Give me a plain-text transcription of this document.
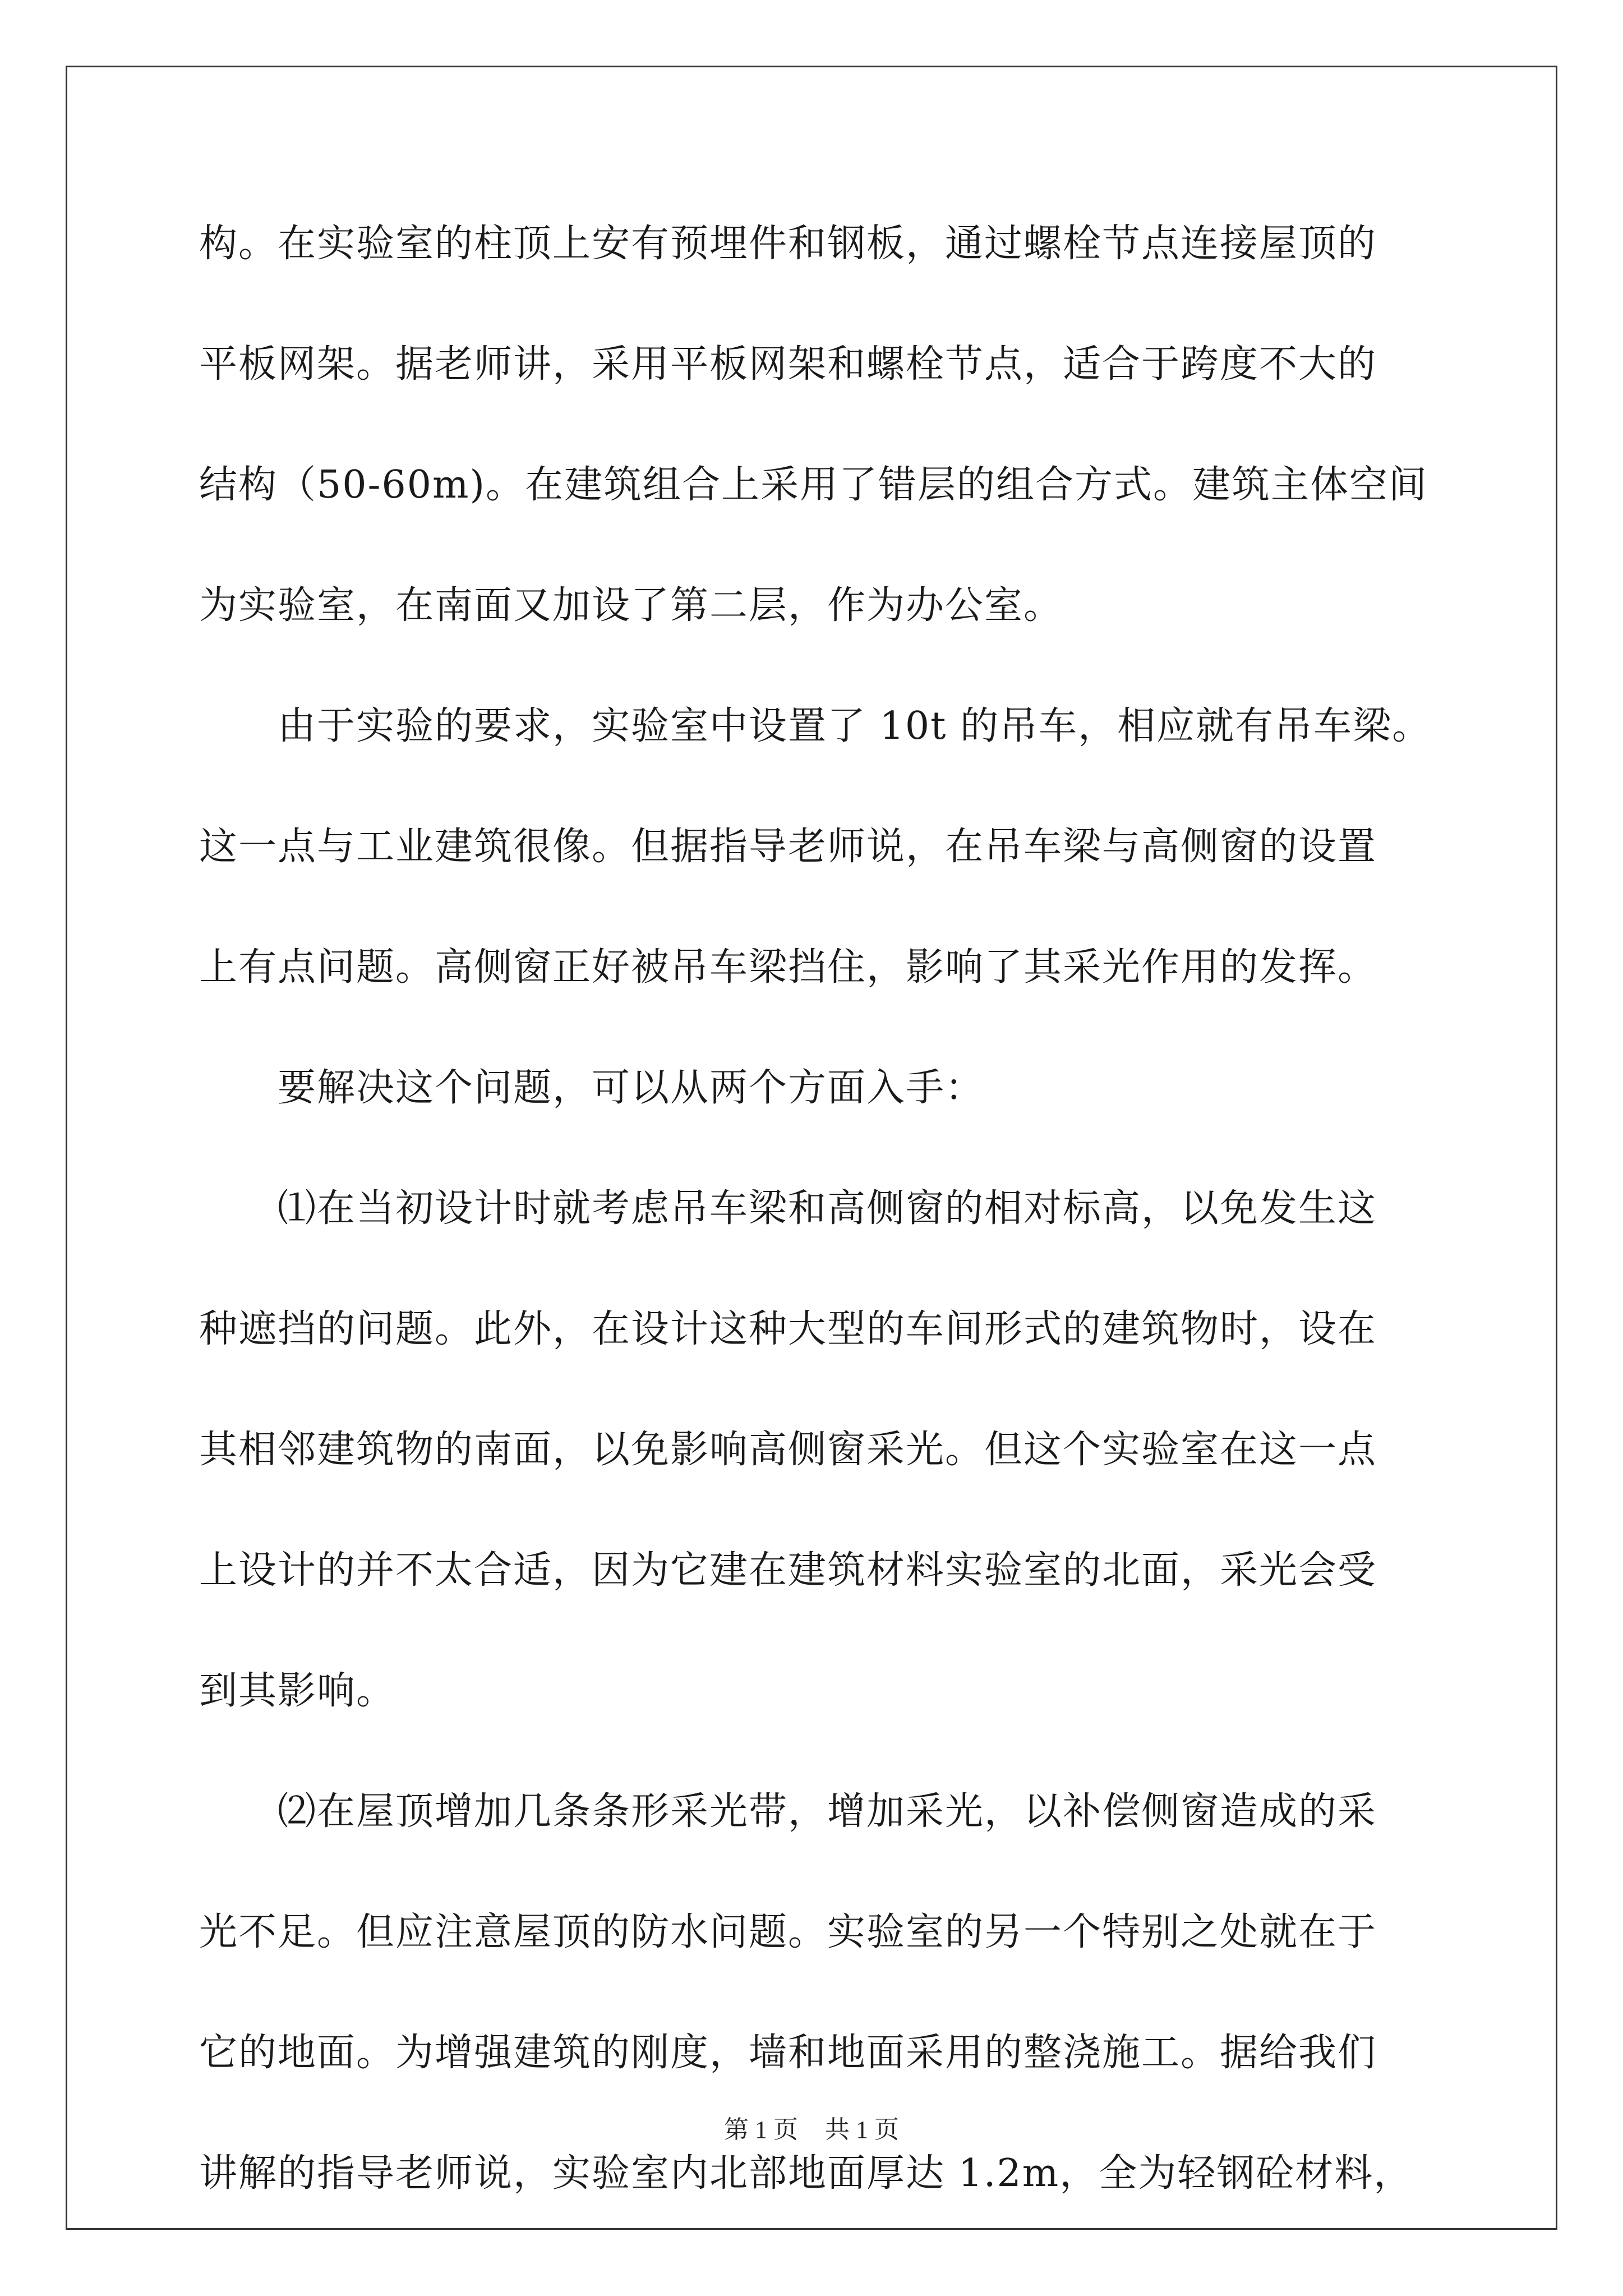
构。在实验室的柱顶上安有预埋件和钢板，通过螺栓节点连接屋顶的
平板网架。据老师讲，采用平板网架和螺栓节点，适合于跨度不大的
结构（50-60m)。在建筑组合上采用了错层的组合方式。建筑主体空间
为实验室，在南面又加设了第二层，作为办公室。
由于实验的要求，实验室中设置了 10t 的吊车，相应就有吊车梁。
这一点与工业建筑很像。但据指导老师说，在吊车梁与高侧窗的设置
上有点问题。高侧窗正好被吊车梁挡住，影响了其采光作用的发挥。
要解决这个问题，可以从两个方面入手：
⑴在当初设计时就考虑吊车梁和高侧窗的相对标高，以免发生这
种遮挡的问题。此外，在设计这种大型的车间形式的建筑物时，设在
其相邻建筑物的南面，以免影响高侧窗采光。但这个实验室在这一点
上设计的并不太合适，因为它建在建筑材料实验室的北面，采光会受
到其影响。
⑵在屋顶增加几条条形采光带，增加采光，以补偿侧窗造成的采
光不足。但应注意屋顶的防水问题。实验室的另一个特别之处就在于
它的地面。为增强建筑的刚度，墙和地面采用的整浇施工。据给我们
讲解的指导老师说，实验室内北部地面厚达 1.2m，全为轻钢砼材料，
第 1 页 共 1 页
